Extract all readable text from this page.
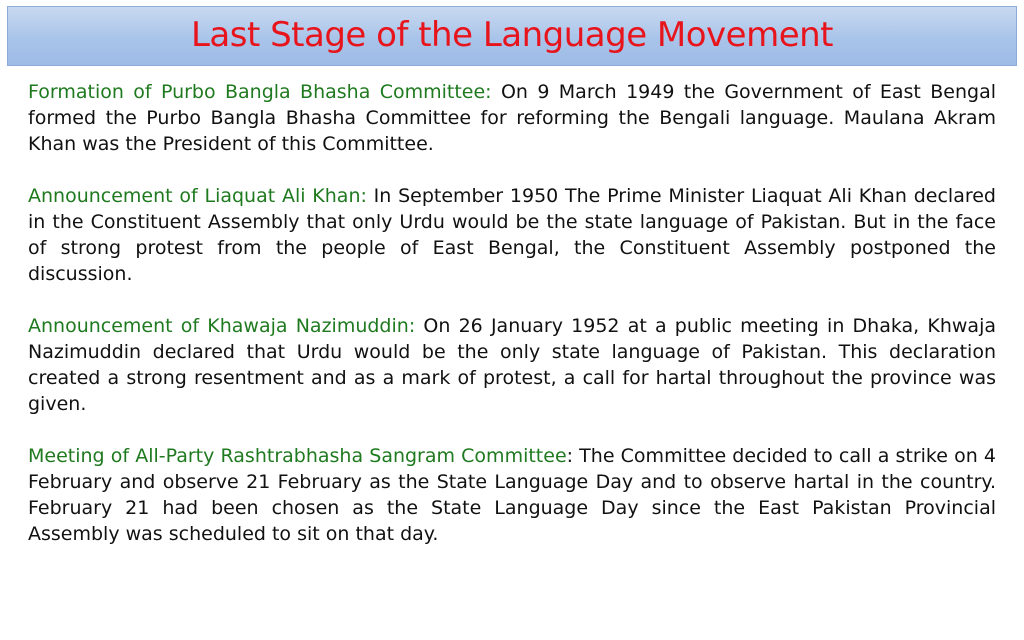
Last Stage of the Language Movement

Formation of Purbo Bangla Bhasha Committee: On 9 March 1949 the Government of East Bengal formed the Purbo Bangla Bhasha Committee for reforming the Bengali language. Maulana Akram Khan was the President of this Committee.

Announcement of Liaquat Ali Khan: In September 1950 The Prime Minister Liaquat Ali Khan declared in the Constituent Assembly that only Urdu would be the state language of Pakistan. But in the face of strong protest from the people of East Bengal, the Constituent Assembly postponed the discussion.

Announcement of Khawaja Nazimuddin: On 26 January 1952 at a public meeting in Dhaka, Khwaja Nazimuddin declared that Urdu would be the only state language of Pakistan. This declaration created a strong resentment and as a mark of protest, a call for hartal throughout the province was given.

Meeting of All-Party Rashtrabhasha Sangram Committee: The Committee decided to call a strike on 4 February and observe 21 February as the State Language Day and to observe hartal in the country. February 21 had been chosen as the State Language Day since the East Pakistan Provincial Assembly was scheduled to sit on that day.
